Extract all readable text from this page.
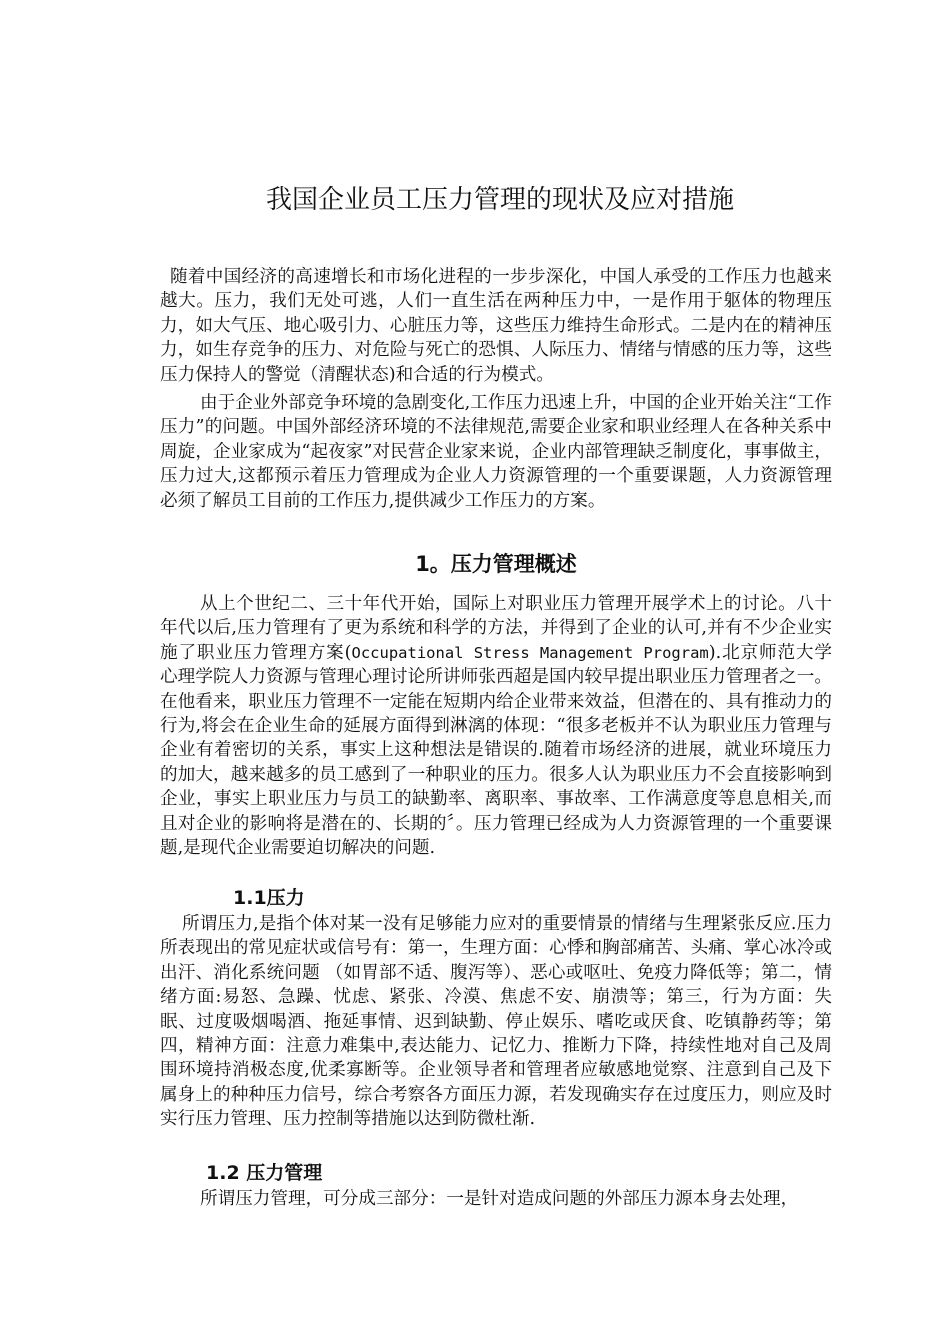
我国企业员工压力管理的现状及应对措施

随着中国经济的高速增长和市场化进程的一步步深化，中国人承受的工作压力也越来越大。压力，我们无处可逃，人们一直生活在两种压力中，一是作用于躯体的物理压力，如大气压、地心吸引力、心脏压力等，这些压力维持生命形式。二是内在的精神压力，如生存竞争的压力、对危险与死亡的恐惧、人际压力、情绪与情感的压力等，这些压力保持人的警觉（清醒状态)和合适的行为模式。

由于企业外部竞争环境的急剧变化,工作压力迅速上升，中国的企业开始关注“工作压力”的问题。中国外部经济环境的不法律规范,需要企业家和职业经理人在各种关系中周旋，企业家成为“起夜家”对民营企业家来说，企业内部管理缺乏制度化，事事做主，压力过大,这都预示着压力管理成为企业人力资源管理的一个重要课题，人力资源管理必须了解员工目前的工作压力,提供减少工作压力的方案。

1。压力管理概述

从上个世纪二、三十年代开始，国际上对职业压力管理开展学术上的讨论。八十年代以后,压力管理有了更为系统和科学的方法，并得到了企业的认可,并有不少企业实施了职业压力管理方案(Occupational Stress Management Program).北京师范大学心理学院人力资源与管理心理讨论所讲师张西超是国内较早提出职业压力管理者之一。在他看来，职业压力管理不一定能在短期内给企业带来效益，但潜在的、具有推动力的行为,将会在企业生命的延展方面得到淋漓的体现：“很多老板并不认为职业压力管理与企业有着密切的关系，事实上这种想法是错误的.随着市场经济的进展，就业环境压力的加大，越来越多的员工感到了一种职业的压力。很多人认为职业压力不会直接影响到企业，事实上职业压力与员工的缺勤率、离职率、事故率、工作满意度等息息相关,而且对企业的影响将是潜在的、长期的〞。压力管理已经成为人力资源管理的一个重要课题,是现代企业需要迫切解决的问题.

1.1压力

所谓压力,是指个体对某一没有足够能力应对的重要情景的情绪与生理紧张反应.压力所表现出的常见症状或信号有：第一，生理方面：心悸和胸部痛苦、头痛、掌心冰冷或出汗、消化系统问题 （如胃部不适、腹泻等）、恶心或呕吐、免疫力降低等；第二，情绪方面:易怒、急躁、忧虑、紧张、冷漠、焦虑不安、崩溃等；第三，行为方面：失眠、过度吸烟喝酒、拖延事情、迟到缺勤、停止娱乐、嗜吃或厌食、吃镇静药等；第四，精神方面：注意力难集中,表达能力、记忆力、推断力下降，持续性地对自己及周围环境持消极态度,优柔寡断等。企业领导者和管理者应敏感地觉察、注意到自己及下属身上的种种压力信号，综合考察各方面压力源，若发现确实存在过度压力，则应及时实行压力管理、压力控制等措施以达到防微杜渐.

1.2 压力管理

所谓压力管理，可分成三部分：一是针对造成问题的外部压力源本身去处理，
